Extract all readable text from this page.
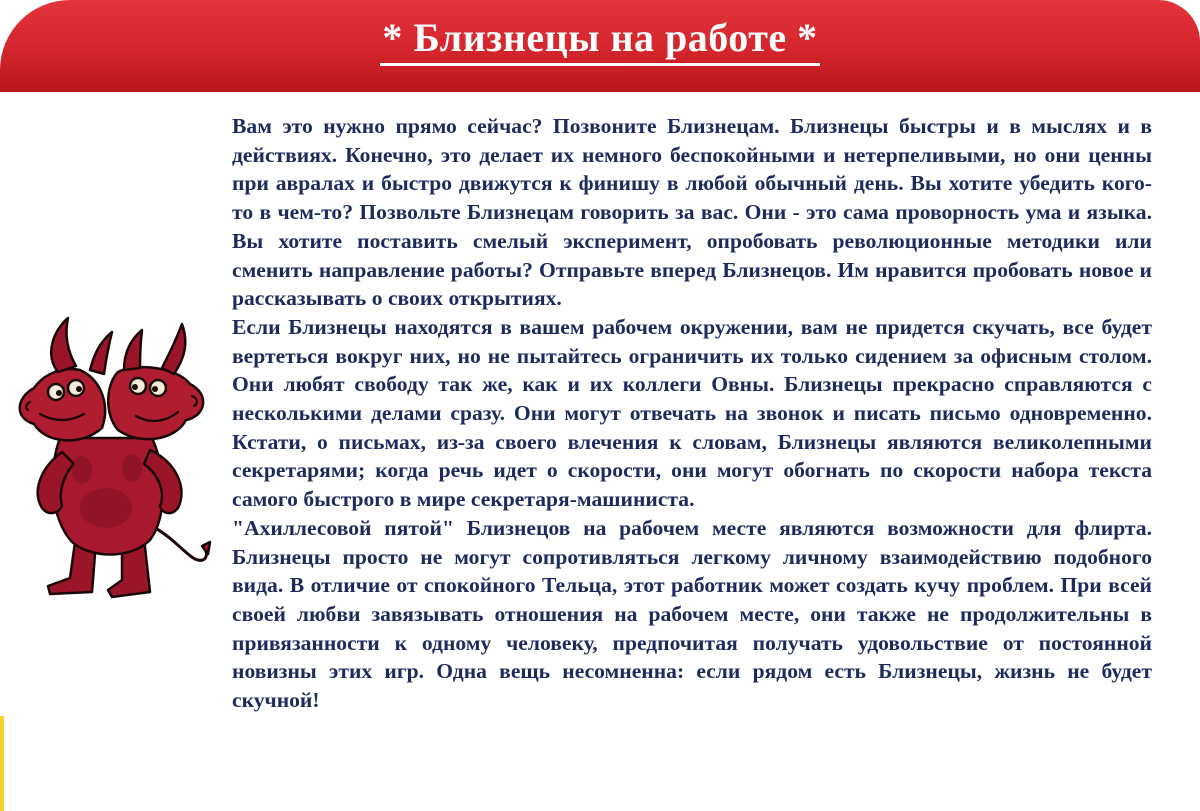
* Близнецы на работе *

Вам это нужно прямо сейчас? Позвоните Близнецам. Близнецы быстры и в мыслях и в действиях. Конечно, это делает их немного беспокойными и нетерпеливыми, но они ценны при авралах и быстро движутся к финишу в любой обычный день. Вы хотите убедить кого-то в чем-то? Позвольте Близнецам говорить за вас. Они - это сама проворность ума и языка. Вы хотите поставить смелый эксперимент, опробовать революционные методики или сменить направление работы? Отправьте вперед Близнецов. Им нравится пробовать новое и рассказывать о своих открытиях.

Если Близнецы находятся в вашем рабочем окружении, вам не придется скучать, все будет вертеться вокруг них, но не пытайтесь ограничить их только сидением за офисным столом. Они любят свободу так же, как и их коллеги Овны. Близнецы прекрасно справляются с несколькими делами сразу. Они могут отвечать на звонок и писать письмо одновременно. Кстати, о письмах, из-за своего влечения к словам, Близнецы являются великолепными секретарями; когда речь идет о скорости, они могут обогнать по скорости набора текста самого быстрого в мире секретаря-машиниста.

"Ахиллесовой пятой" Близнецов на рабочем месте являются возможности для флирта. Близнецы просто не могут сопротивляться легкому личному взаимодействию подобного вида. В отличие от спокойного Тельца, этот работник может создать кучу проблем. При всей своей любви завязывать отношения на рабочем месте, они также не продолжительны в привязанности к одному человеку, предпочитая получать удовольствие от постоянной новизны этих игр. Одна вещь несомненна: если рядом есть Близнецы, жизнь не будет скучной!
